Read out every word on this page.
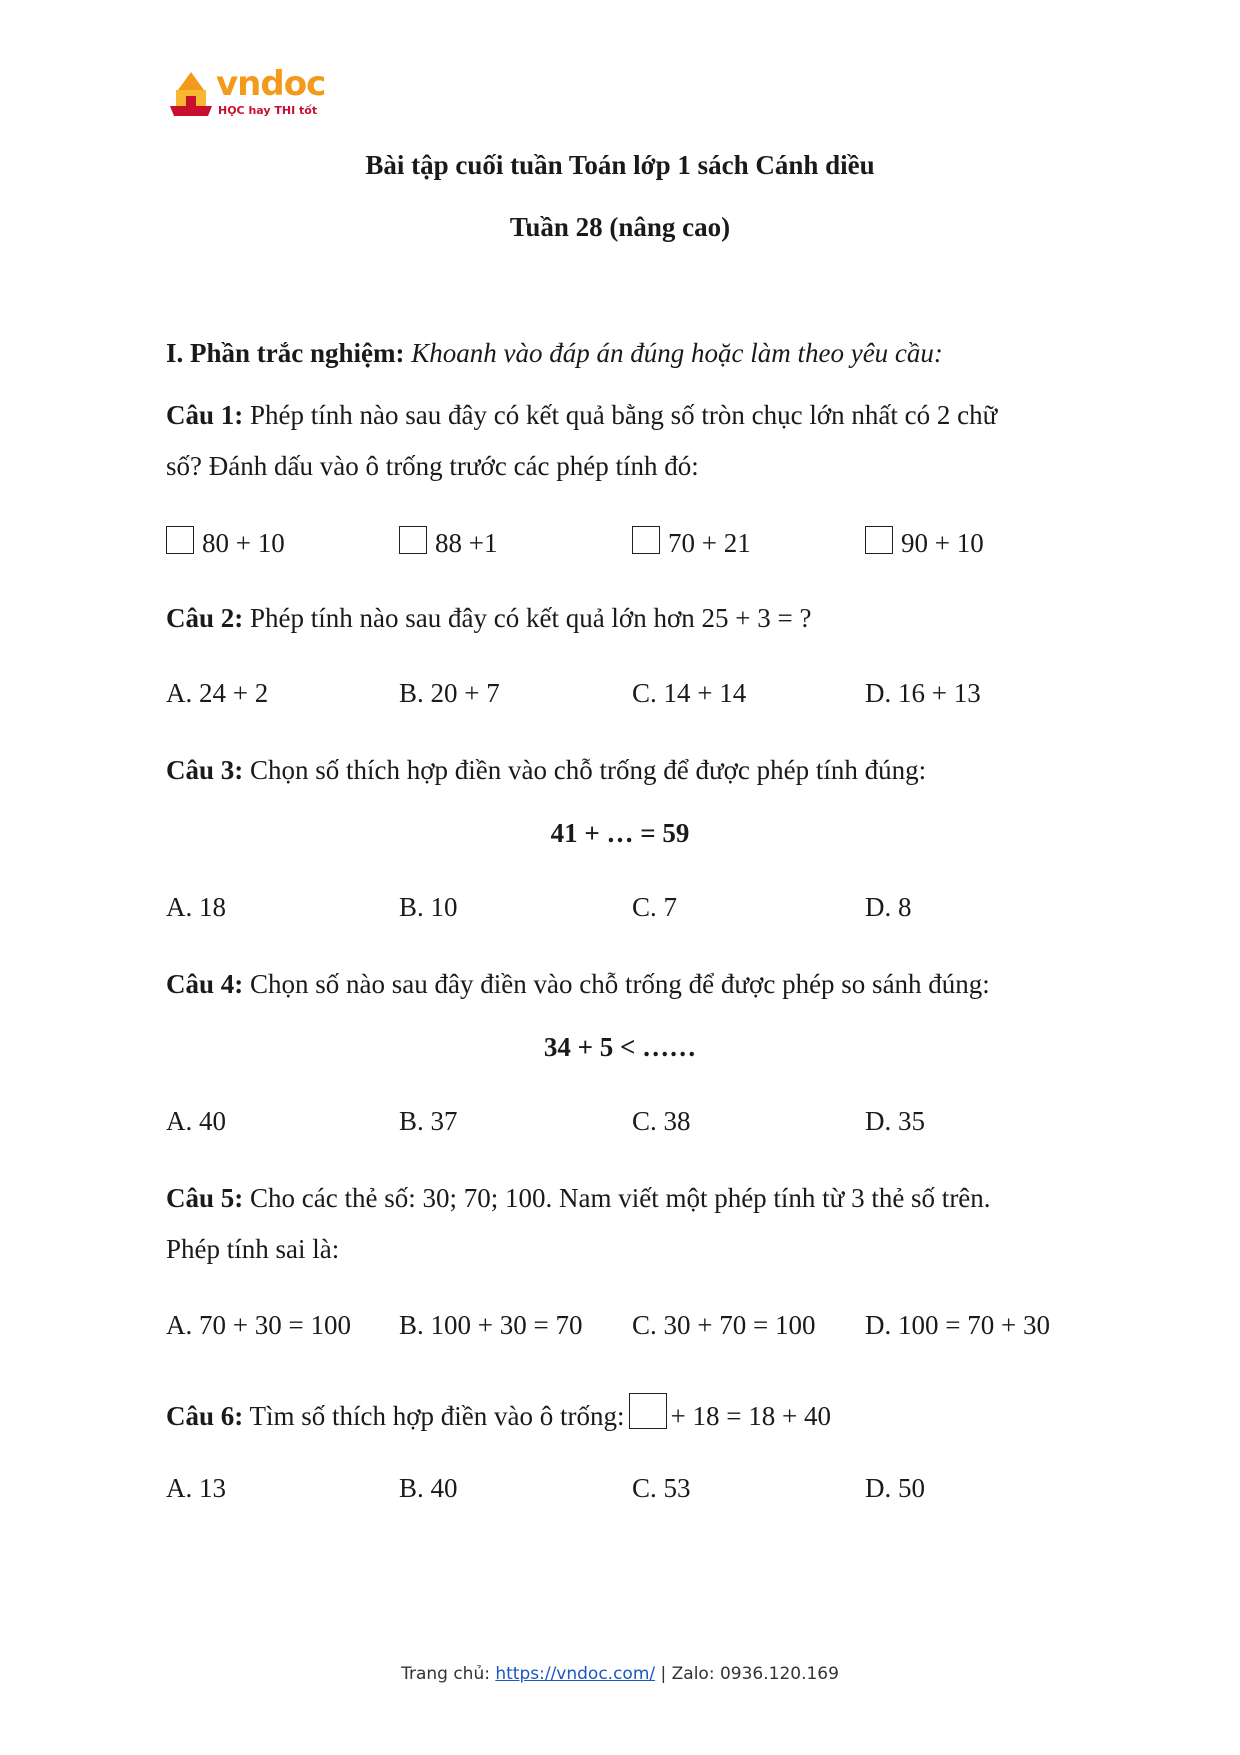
vndoc
HỌC hay THI tốt
Bài tập cuối tuần Toán lớp 1 sách Cánh diều
Tuần 28 (nâng cao)
I. Phần trắc nghiệm: Khoanh vào đáp án đúng hoặc làm theo yêu cầu:
Câu 1: Phép tính nào sau đây có kết quả bằng số tròn chục lớn nhất có 2 chữ
số? Đánh dấu vào ô trống trước các phép tính đó:
80 + 10	88 +1	70 + 21	90 + 10
Câu 2: Phép tính nào sau đây có kết quả lớn hơn 25 + 3 = ?
A. 24 + 2	B. 20 + 7	C. 14 + 14	D. 16 + 13
Câu 3: Chọn số thích hợp điền vào chỗ trống để được phép tính đúng:
41 + … = 59
A. 18	B. 10	C. 7	D. 8
Câu 4: Chọn số nào sau đây điền vào chỗ trống để được phép so sánh đúng:
34 + 5 < ……
A. 40	B. 37	C. 38	D. 35
Câu 5: Cho các thẻ số: 30; 70; 100. Nam viết một phép tính từ 3 thẻ số trên.
Phép tính sai là:
A. 70 + 30 = 100 B. 100 + 30 = 70 C. 30 + 70 = 100 D. 100 = 70 + 30
Câu 6: Tìm số thích hợp điền vào ô trống: + 18 = 18 + 40
A. 13	B. 40	C. 53	D. 50
Trang chủ: https://vndoc.com/ | Zalo: 0936.120.169
